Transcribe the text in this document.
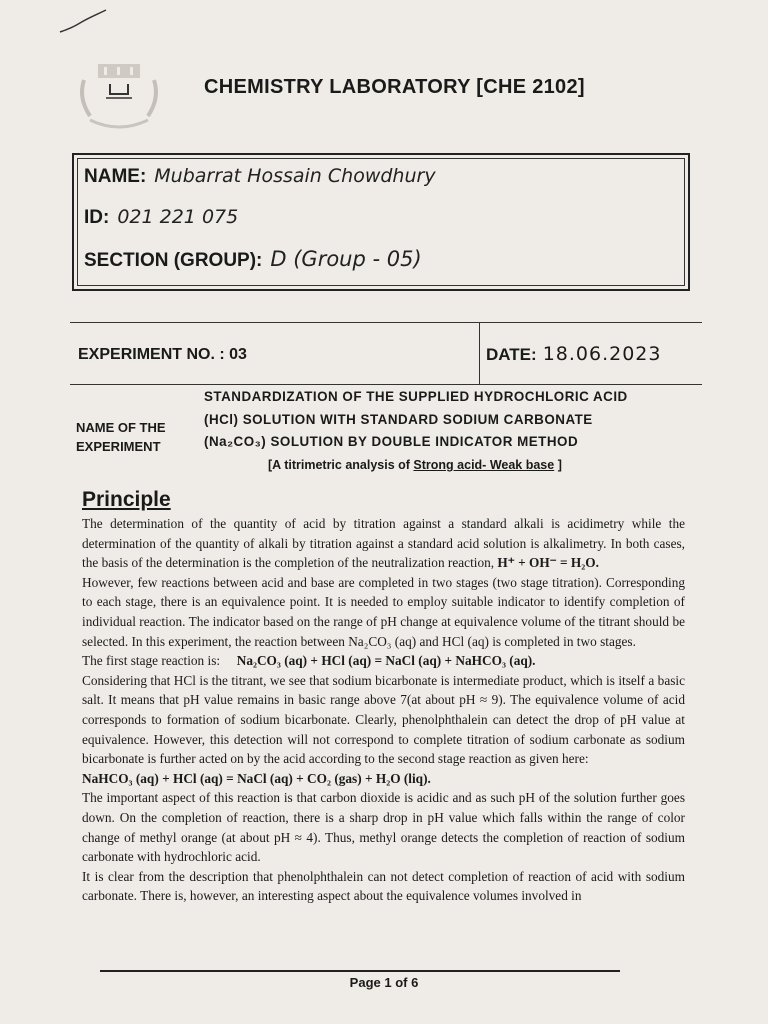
CHEMISTRY LABORATORY [CHE 2102]
NAME: Mubarrat Hossain Chowdhury
ID: 021 221 075
SECTION (GROUP): D (Group - 05)
EXPERIMENT NO. : 03	DATE: 18.06.2023
NAME OF THE
EXPERIMENT
STANDARDIZATION OF THE SUPPLIED HYDROCHLORIC ACID
(HCl) SOLUTION WITH STANDARD SODIUM CARBONATE
(Na₂CO₃) SOLUTION BY DOUBLE INDICATOR METHOD
[A titrimetric analysis of Strong acid- Weak base ]
Principle

The determination of the quantity of acid by titration against a standard alkali is acidimetry while the determination of the quantity of alkali by titration against a standard acid solution is alkalimetry. In both cases, the basis of the determination is the completion of the neutralization reaction, H⁺ + OH⁻ = H₂O.

However, few reactions between acid and base are completed in two stages (two stage titration). Corresponding to each stage, there is an equivalence point. It is needed to employ suitable indicator to identify completion of individual reaction. The indicator based on the range of pH change at equivalence volume of the titrant should be selected. In this experiment, the reaction between Na₂CO₃ (aq) and HCl (aq) is completed in two stages.

The first stage reaction is: Na₂CO₃ (aq) + HCl (aq) = NaCl (aq) + NaHCO₃ (aq).

Considering that HCl is the titrant, we see that sodium bicarbonate is intermediate product, which is itself a basic salt. It means that pH value remains in basic range above 7(at about pH ≈ 9). The equivalence volume of acid corresponds to formation of sodium bicarbonate. Clearly, phenolphthalein can detect the drop of pH value at equivalence. However, this detection will not correspond to complete titration of sodium carbonate as sodium bicarbonate is further acted on by the acid according to the second stage reaction as given here:

NaHCO₃ (aq) + HCl (aq) = NaCl (aq) + CO₂ (gas) + H₂O (liq).

The important aspect of this reaction is that carbon dioxide is acidic and as such pH of the solution further goes down. On the completion of reaction, there is a sharp drop in pH value which falls within the range of color change of methyl orange (at about pH ≈ 4). Thus, methyl orange detects the completion of reaction of sodium carbonate with hydrochloric acid.

It is clear from the description that phenolphthalein can not detect completion of reaction of acid with sodium carbonate. There is, however, an interesting aspect about the equivalence volumes involved in

Page 1 of 6
